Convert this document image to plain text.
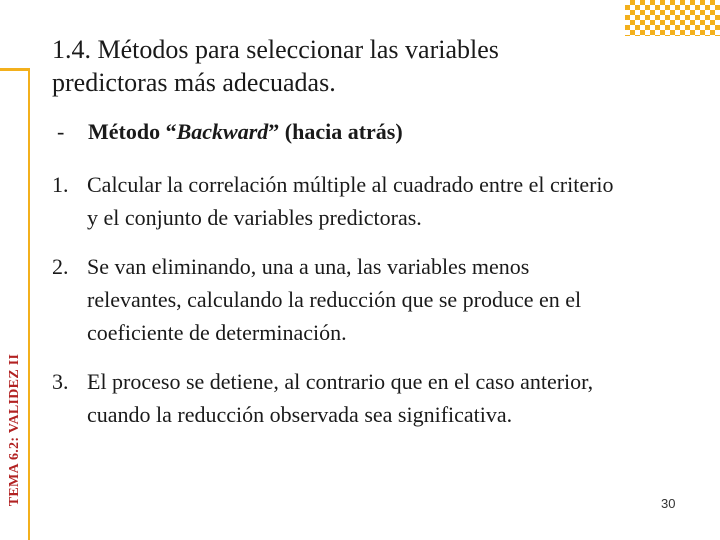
TEMA 6.2: VALIDEZ II
1.4. Métodos para seleccionar las variables
predictoras más adecuadas.
- Método “Backward” (hacia atrás)
1. Calcular la correlación múltiple al cuadrado entre el criterio
y el conjunto de variables predictoras.
2. Se van eliminando, una a una, las variables menos
relevantes, calculando la reducción que se produce en el
coeficiente de determinación.
3. El proceso se detiene, al contrario que en el caso anterior,
cuando la reducción observada sea significativa.
30
